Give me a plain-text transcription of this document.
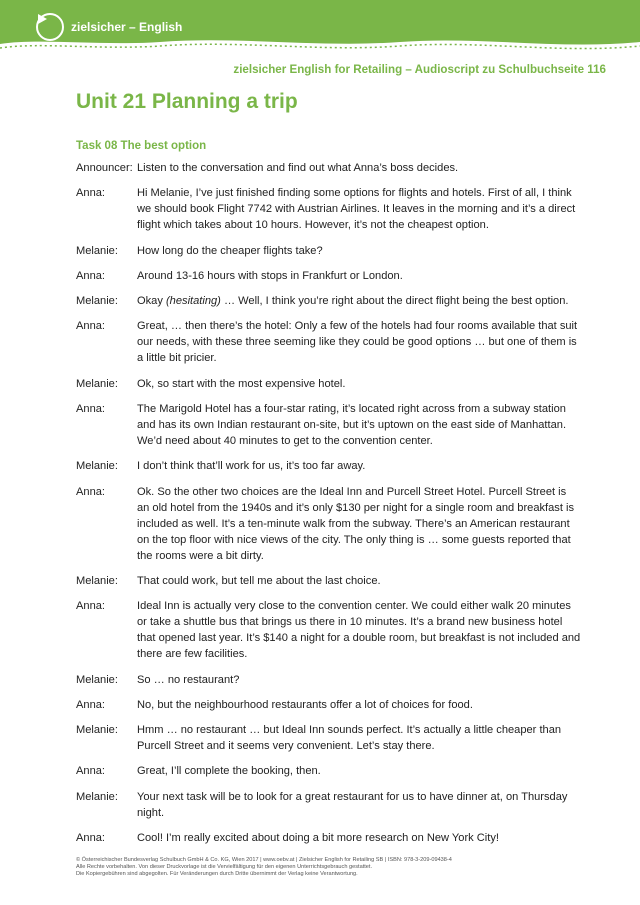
zielsicher – English
zielsicher English for Retailing – Audioscript zu Schulbuchseite 116
Unit 21 Planning a trip
Task 08 The best option
Announcer: Listen to the conversation and find out what Anna’s boss decides.
Anna:	Hi Melanie, I’ve just finished finding some options for flights and hotels. First of all, I think we should book Flight 7742 with Austrian Airlines. It leaves in the morning and it’s a direct flight which takes about 10 hours. However, it’s not the cheapest option.
Melanie:	How long do the cheaper flights take?
Anna:	Around 13-16 hours with stops in Frankfurt or London.
Melanie:	Okay (hesitating) … Well, I think you’re right about the direct flight being the best option.
Anna:	Great, … then there’s the hotel: Only a few of the hotels had four rooms available that suit our needs, with these three seeming like they could be good options … but one of them is a little bit pricier.
Melanie:	Ok, so start with the most expensive hotel.
Anna:	The Marigold Hotel has a four-star rating, it’s located right across from a subway station and has its own Indian restaurant on-site, but it’s uptown on the east side of Manhattan. We’d need about 40 minutes to get to the convention center.
Melanie:	I don’t think that’ll work for us, it’s too far away.
Anna:	Ok. So the other two choices are the Ideal Inn and Purcell Street Hotel. Purcell Street is an old hotel from the 1940s and it’s only $130 per night for a single room and breakfast is included as well. It’s a ten-minute walk from the subway. There’s an American restaurant on the top floor with nice views of the city. The only thing is … some guests reported that the rooms were a bit dirty.
Melanie:	That could work, but tell me about the last choice.
Anna:	Ideal Inn is actually very close to the convention center. We could either walk 20 minutes or take a shuttle bus that brings us there in 10 minutes. It’s a brand new business hotel that opened last year. It’s $140 a night for a double room, but breakfast is not included and there are few facilities.
Melanie:	So … no restaurant?
Anna:	No, but the neighbourhood restaurants offer a lot of choices for food.
Melanie:	Hmm … no restaurant … but Ideal Inn sounds perfect. It’s actually a little cheaper than Purcell Street and it seems very convenient. Let’s stay there.
Anna:	Great, I’ll complete the booking, then.
Melanie:	Your next task will be to look for a great restaurant for us to have dinner at, on Thursday night.
Anna:	Cool! I’m really excited about doing a bit more research on New York City!
© Österreichischer Bundesverlag Schulbuch GmbH & Co. KG, Wien 2017 | www.oebv.at | Zielsicher English for Retailing SB | ISBN: 978-3-209-09438-4
Alle Rechte vorbehalten. Von dieser Druckvorlage ist die Vervielfältigung für den eigenen Unterrichtsgebrauch gestattet.
Die Kopiergebühren sind abgegolten. Für Veränderungen durch Dritte übernimmt der Verlag keine Verantwortung.
